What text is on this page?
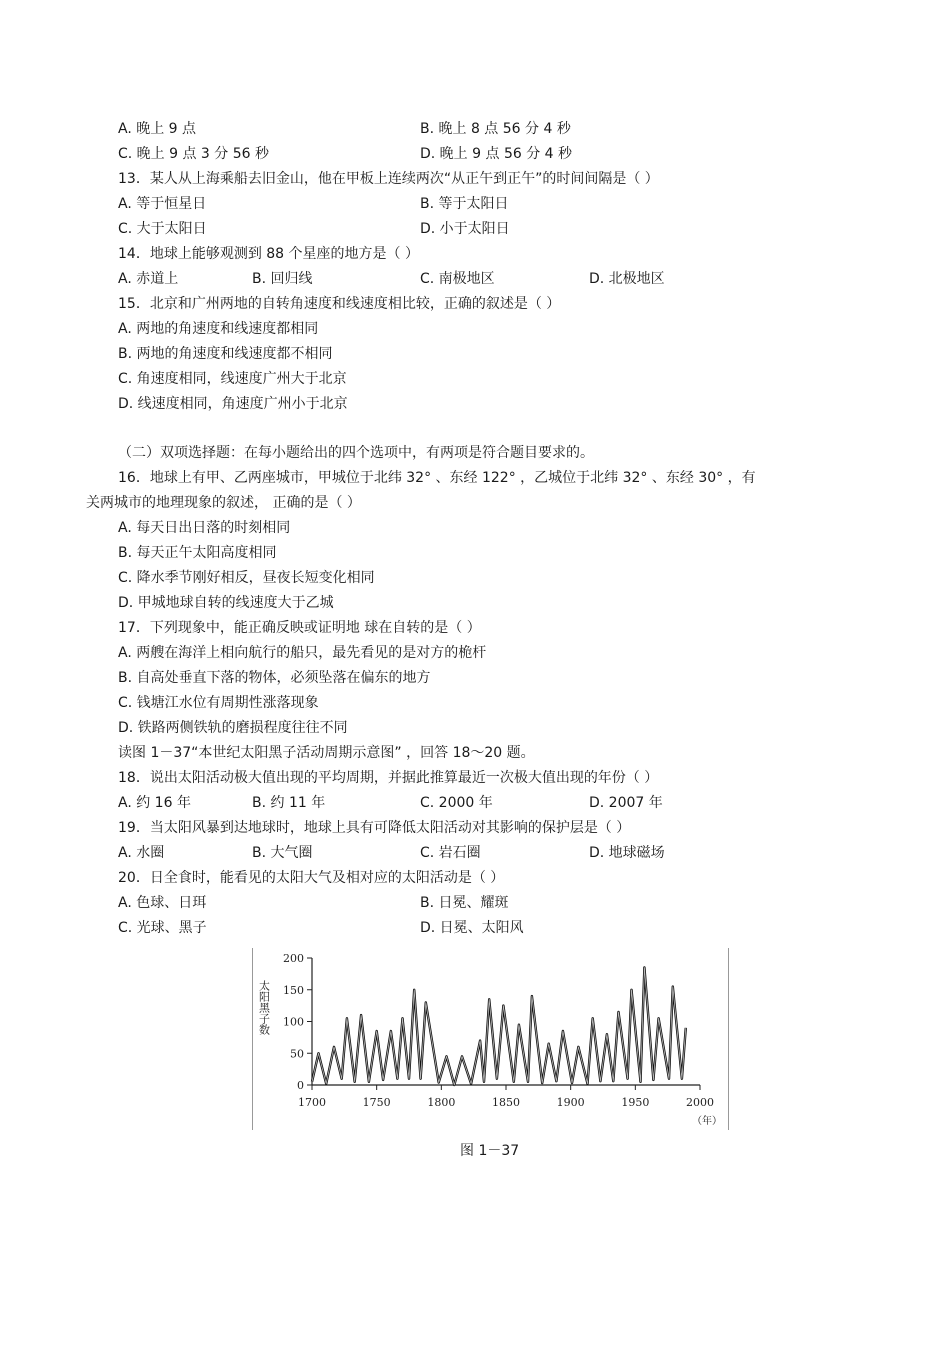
A. 晚上 9 点	B. 晚上 8 点 56 分 4 秒
C. 晚上 9 点 3 分 56 秒	D. 晚上 9 点 56 分 4 秒
13．某人从上海乘船去旧金山，他在甲板上连续两次“从正午到正午”的时间间隔是（ ）
A. 等于恒星日	B. 等于太阳日
C. 大于太阳日	D. 小于太阳日
14．地球上能够观测到 88 个星座的地方是（ ）
A. 赤道上	B. 回归线	C. 南极地区	D. 北极地区
15．北京和广州两地的自转角速度和线速度相比较，正确的叙述是（ ）
A. 两地的角速度和线速度都相同
B. 两地的角速度和线速度都不相同
C. 角速度相同，线速度广州大于北京
D. 线速度相同，角速度广州小于北京
（二）双项选择题：在每小题给出的四个选项中，有两项是符合题目要求的。
16．地球上有甲、乙两座城市，甲城位于北纬 32° 、东经 122° ，乙城位于北纬 32° 、东经 30° ，有
关两城市的地理现象的叙述， 正确的是（ ）
A. 每天日出日落的时刻相同
B. 每天正午太阳高度相同
C. 降水季节刚好相反，昼夜长短变化相同
D. 甲城地球自转的线速度大于乙城
17．下列现象中，能正确反映或证明地 球在自转的是（ ）
A. 两艘在海洋上相向航行的船只，最先看见的是对方的桅杆
B. 自高处垂直下落的物体，必须坠落在偏东的地方
C. 钱塘江水位有周期性涨落现象
D. 铁路两侧铁轨的磨损程度往往不同
读图 1－37“本世纪太阳黑子活动周期示意图” ，回答 18～20 题。
18．说出太阳活动极大值出现的平均周期，并据此推算最近一次极大值出现的年份（ ）
A. 约 16 年	B. 约 11 年	C. 2000 年	D. 2007 年
19．当太阳风暴到达地球时，地球上具有可降低太阳活动对其影响的保护层是（ ）
A. 水圈	B. 大气圈	C. 岩石圈	D. 地球磁场
20．日全食时，能看见的太阳大气及相对应的太阳活动是（ ）
A. 色球、日珥	B. 日冕、耀斑
C. 光球、黑子	D. 日冕、太阳风
0
50
100
150
200
1700	1750	1800	1850	1900	1950	2000
太阳黑子数
（年）
图 1－37
